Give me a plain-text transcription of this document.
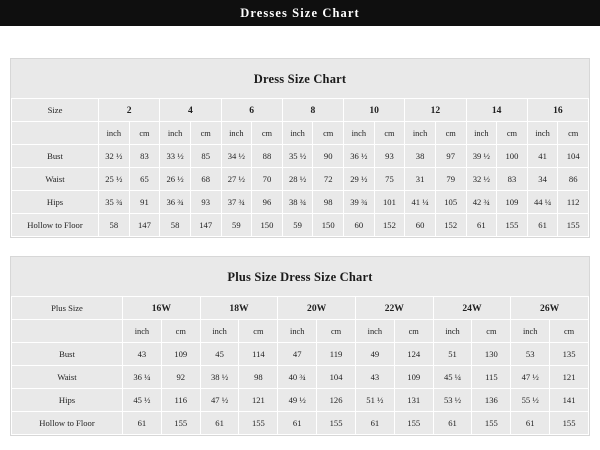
Dresses Size Chart
Dress Size Chart
Size	2		4		6		8		10		12		14		16	
	inch	cm	inch	cm	inch	cm	inch	cm	inch	cm	inch	cm	inch	cm	inch	cm
Bust	32 ½	83	33 ½	85	34 ½	88	35 ½	90	36 ½	93	38	97	39 ½	100	41	104
Waist	25 ½	65	26 ½	68	27 ½	70	28 ½	72	29 ½	75	31	79	32 ½	83	34	86
Hips	35 ¾	91	36 ¾	93	37 ¾	96	38 ¾	98	39 ¾	101	41 ¼	105	42 ¾	109	44 ¼	112
Hollow to Floor	58	147	58	147	59	150	59	150	60	152	60	152	61	155	61	155
Plus Size Dress Size Chart
Plus Size	16W		18W		20W		22W		24W		26W	
	inch	cm	inch	cm	inch	cm	inch	cm	inch	cm	inch	cm
Bust	43	109	45	114	47	119	49	124	51	130	53	135
Waist	36 ¼	92	38 ½	98	40 ¾	104	43	109	45 ¼	115	47 ½	121
Hips	45 ½	116	47 ½	121	49 ½	126	51 ½	131	53 ½	136	55 ½	141
Hollow to Floor	61	155	61	155	61	155	61	155	61	155	61	155
